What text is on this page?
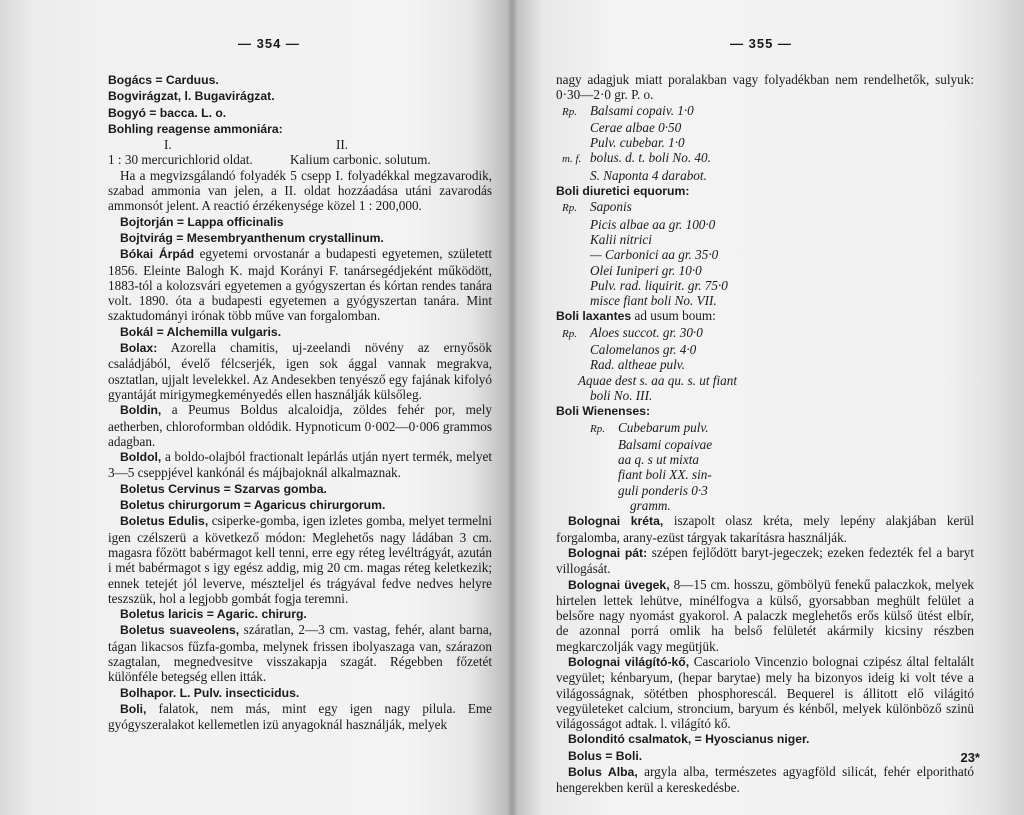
— 354 —

Bogács = Carduus.

Bogvirágzat, l. Bugavirágzat.

Bogyó = bacca. L. o.

Bohling reagense ammoniára:

I.	II.

1 : 30 mercurichlorid oldat.	Kalium carbonic. solutum.

Ha a megvizsgálandó folyadék 5 csepp I. folyadékkal megzavarodik, szabad ammonia van jelen, a II. oldat hozzáadása utáni zavarodás ammonsót jelent. A reactió érzékenysége közel 1 : 200,000.

Bojtorján = Lappa officinalis

Bojtvirág = Mesembryanthenum crystallinum.

Bókai Árpád egyetemi orvostanár a budapesti egyetemen, született 1856. Eleinte Balogh K. majd Korányi F. tanársegédjeként működött, 1883-tól a kolozsvári egyetemen a gyógyszertan és kórtan rendes tanára volt. 1890. óta a budapesti egyetemen a gyógyszertan tanára. Mint szaktudományi irónak több műve van forgalomban.

Bokál = Alchemilla vulgaris.

Bolax: Azorella chamitis, uj-zeelandi növény az ernyősök családjából, évelő félcserjék, igen sok ággal vannak megrakva, osztatlan, ujjalt levelekkel. Az Andesekben tenyésző egy fajának kifolyó gyantáját mirigymegkeményedés ellen használják külsőleg.

Boldin, a Peumus Boldus alcaloidja, zöldes fehér por, mely aetherben, chloroformban oldódik. Hypnoticum 0·002—0·006 grammos adagban.

Boldol, a boldo-olajból fractionalt lepárlás utján nyert termék, melyet 3—5 cseppjével kankónál és májbajoknál alkalmaznak.

Boletus Cervinus = Szarvas gomba.

Boletus chirurgorum = Agaricus chirurgorum.

Boletus Edulis, csiperke-gomba, igen izletes gomba, melyet termelni igen czélszerü a következő módon: Meglehetős nagy ládában 3 cm. magasra főzött babérmagot kell tenni, erre egy réteg levéltrágyát, azután i mét babérmagot s igy egész addig, mig 20 cm. magas réteg keletkezik; ennek tetejét jól leverve, mészteljel és trágyával fedve nedves helyre teszszük, hol a legjobb gombát fogja teremni.

Boletus laricis = Agaric. chirurg.

Boletus suaveolens, száratlan, 2—3 cm. vastag, fehér, alant barna, tágan likacsos fűzfa-gomba, melynek frissen ibolyaszaga van, szárazon szagtalan, megnedvesitve visszakapja szagát. Régebben főzetét különféle betegség ellen itták.

Bolhapor. L. Pulv. insecticidus.

Boli, falatok, nem más, mint egy igen nagy pilula. Eme gyógyszeralakot kellemetlen izü anyagoknál használják, melyek

— 355 —

nagy adagjuk miatt poralakban vagy folyadékban nem rendelhetők, sulyuk: 0·30—2·0 gr. P. o.

Rp. Balsami copaiv. 1·0

Cerae albae 0·50

Pulv. cubebar. 1·0

m. f. bolus. d. t. boli No. 40.

S. Naponta 4 darabot.

Boli diuretici equorum:

Rp. Saponis

Picis albae aa gr. 100·0

Kalii nitrici

— Carbonici aa gr. 35·0

Olei Iuniperi gr. 10·0

Pulv. rad. liquirit. gr. 75·0

misce fiant boli No. VII.

Boli laxantes ad usum boum:

Rp. Aloes succot. gr. 30·0

Calomelanos gr. 4·0

Rad. altheae pulv.

Aquae dest s. aa qu. s. ut fiant

boli No. III.

Boli Wienenses:

Rp. Cubebarum pulv.

Balsami copaivae

aa q. s ut mixta

fiant boli XX. sin-

guli ponderis 0·3

gramm.

Bolognai kréta, iszapolt olasz kréta, mely lepény alakjában kerül forgalomba, arany-ezüst tárgyak takarításra használják.

Bolognai pát: szépen fejlődött baryt-jegeczek; ezeken fedezték fel a baryt villogását.

Bolognai üvegek, 8—15 cm. hosszu, gömbölyü fenekű palaczkok, melyek hirtelen lettek lehütve, minélfogva a külső, gyorsabban meghült felület a belsőre nagy nyomást gyakorol. A palaczk meglehetős erős külső ütést elbír, de azonnal porrá omlik ha belső felületét akármily kicsiny részben megkarczolják vagy megütjük.

Bolognai világító-kő, Cascariolo Vincenzio bolognai czipész által feltalált vegyület; kénbaryum, (hepar barytae) mely ha bizonyos ideig ki volt téve a világosságnak, sötétben phosphorescál. Bequerel is állitott elő világitó vegyületeket calcium, stroncium, baryum és kénből, melyek különböző szinü világosságot adtak. l. világító kő.

Bolonditó csalmatok, = Hyoscianus niger.

Bolus = Boli.

Bolus Alba, argyla alba, természetes agyagföld silicát, fehér elporitható hengerekben kerül a kereskedésbe.

23*
